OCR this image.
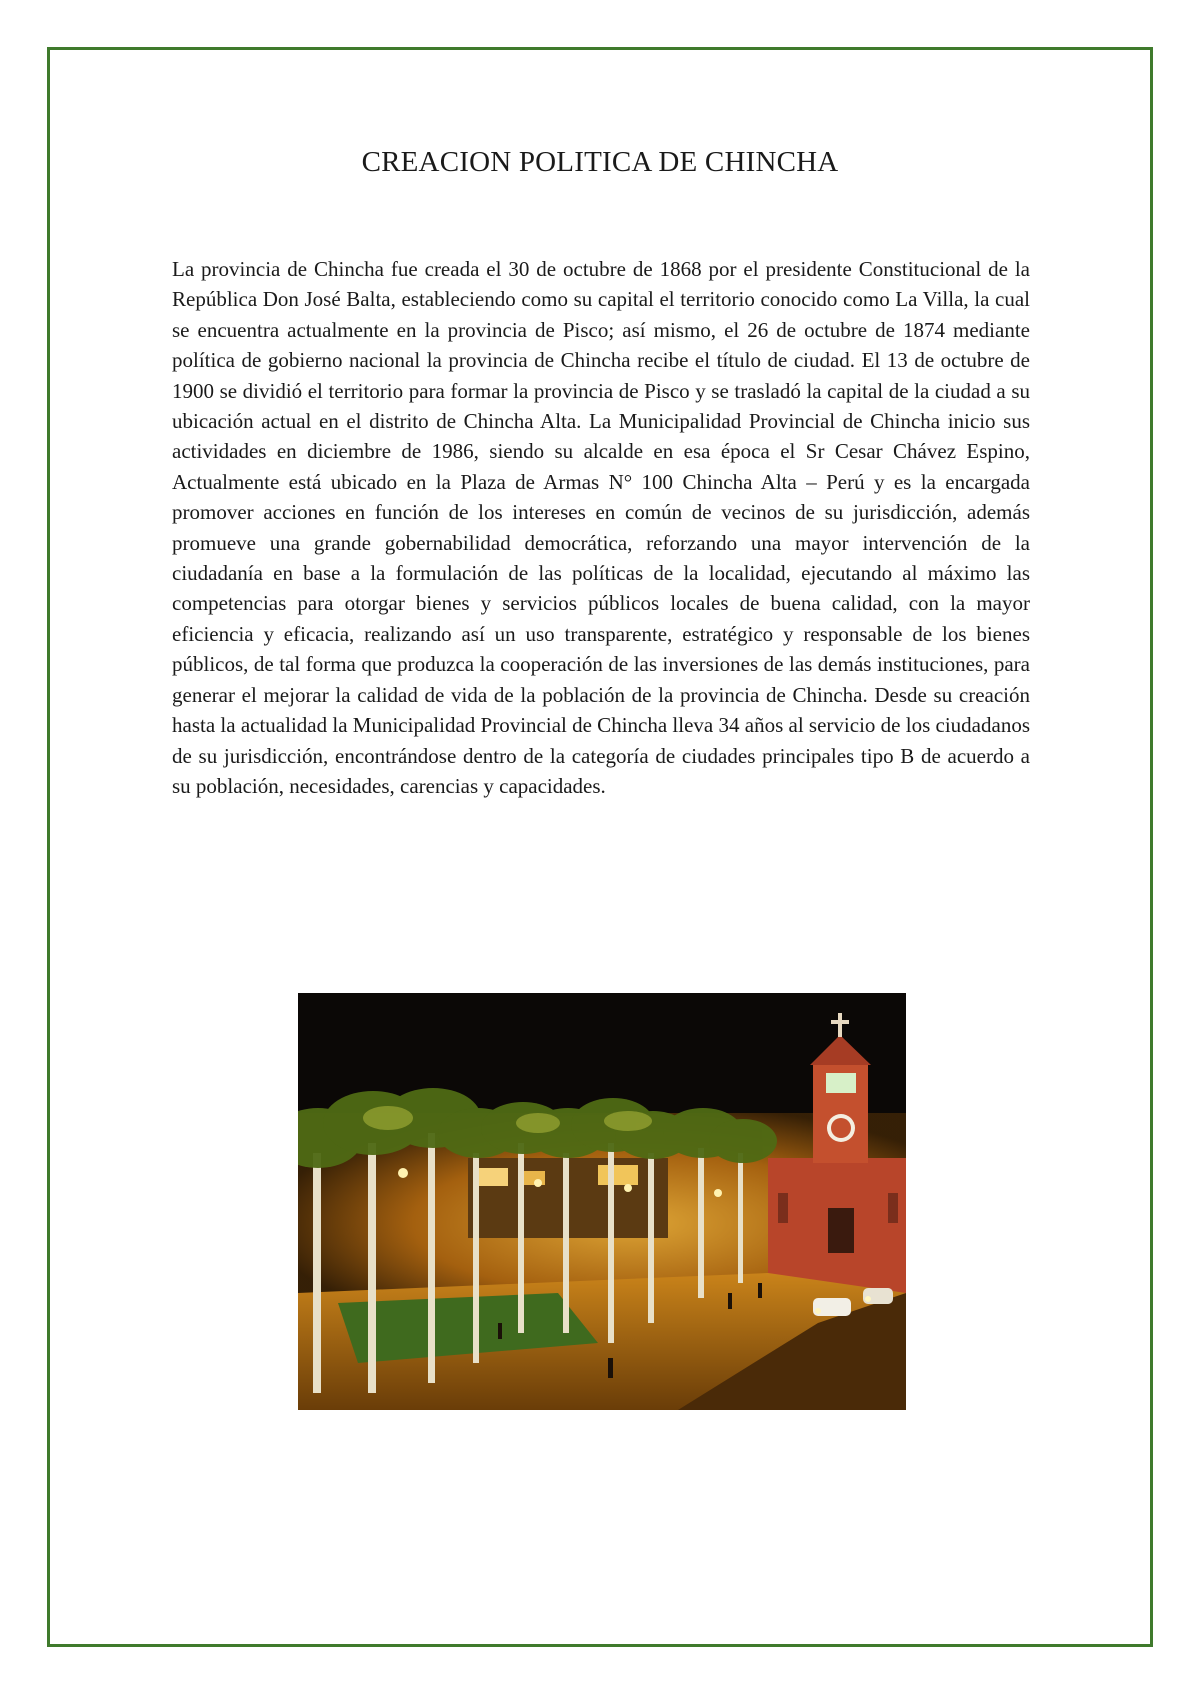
CREACION POLITICA DE CHINCHA

La provincia de Chincha fue creada el 30 de octubre de 1868 por el presidente Constitucional de la República Don José Balta, estableciendo como su capital el territorio conocido como La Villa, la cual se encuentra actualmente en la provincia de Pisco; así mismo, el 26 de octubre de 1874 mediante política de gobierno nacional la provincia de Chincha recibe el título de ciudad. El 13 de octubre de 1900 se dividió el territorio para formar la provincia de Pisco y se trasladó la capital de la ciudad a su ubicación actual en el distrito de Chincha Alta. La Municipalidad Provincial de Chincha inicio sus actividades en diciembre de 1986, siendo su alcalde en esa época el Sr Cesar Chávez Espino, Actualmente está ubicado en la Plaza de Armas N° 100 Chincha Alta – Perú y es la encargada promover acciones en función de los intereses en común de vecinos de su jurisdicción, además promueve una grande gobernabilidad democrática, reforzando una mayor intervención de la ciudadanía en base a la formulación de las políticas de la localidad, ejecutando al máximo las competencias para otorgar bienes y servicios públicos locales de buena calidad, con la mayor eficiencia y eficacia, realizando así un uso transparente, estratégico y responsable de los bienes públicos, de tal forma que produzca la cooperación de las inversiones de las demás instituciones, para generar el mejorar la calidad de vida de la población de la provincia de Chincha. Desde su creación hasta la actualidad la Municipalidad Provincial de Chincha lleva 34 años al servicio de los ciudadanos de su jurisdicción, encontrándose dentro de la categoría de ciudades principales tipo B de acuerdo a su población, necesidades, carencias y capacidades.
